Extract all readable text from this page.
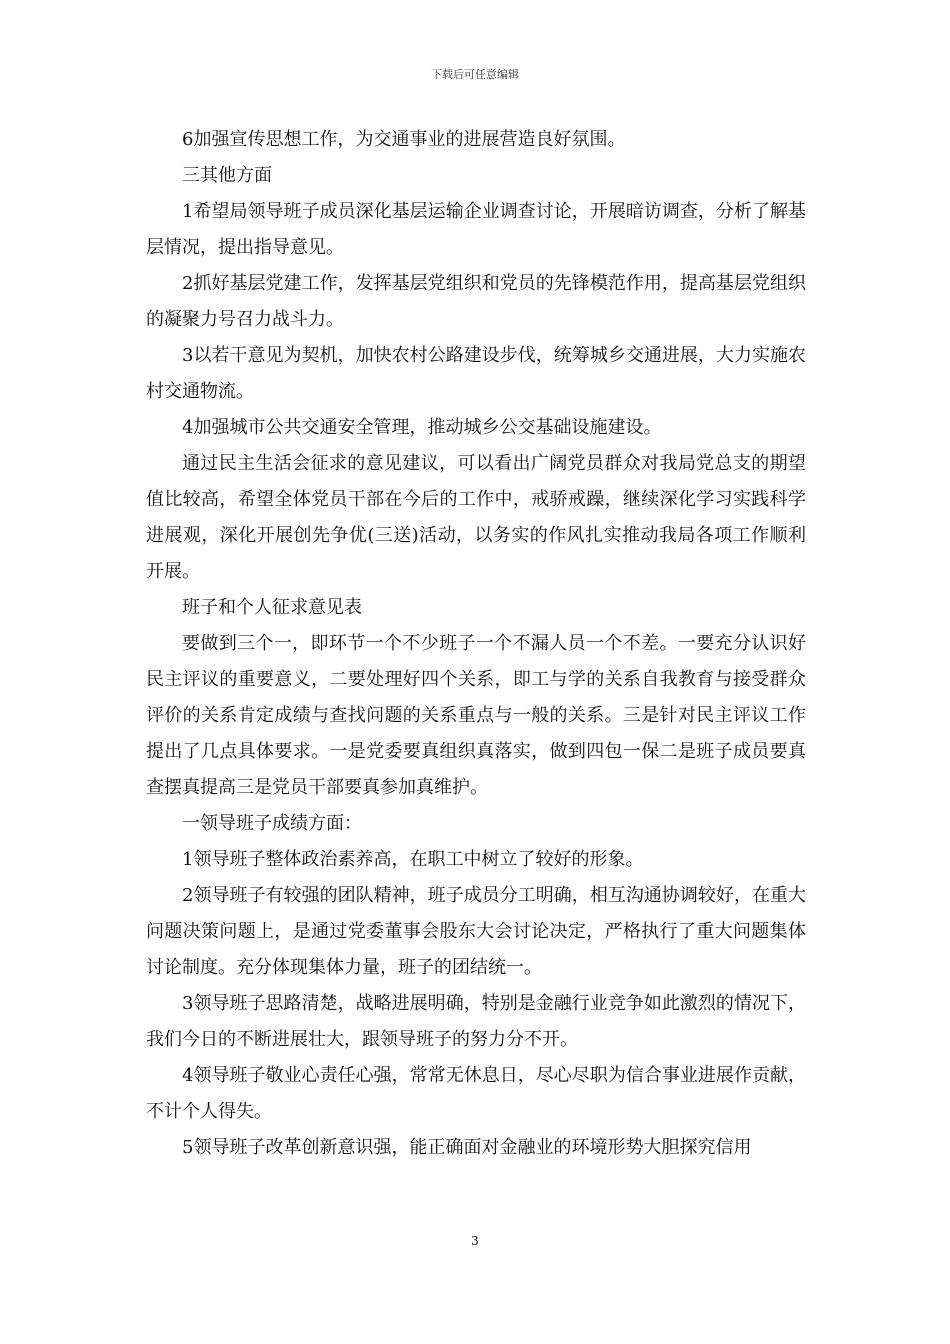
下载后可任意编辑

6加强宣传思想工作，为交通事业的进展营造良好氛围。

三其他方面

1希望局领导班子成员深化基层运输企业调查讨论，开展暗访调查，分析了解基层情况，提出指导意见。

2抓好基层党建工作，发挥基层党组织和党员的先锋模范作用，提高基层党组织的凝聚力号召力战斗力。

3以若干意见为契机，加快农村公路建设步伐，统筹城乡交通进展，大力实施农村交通物流。

4加强城市公共交通安全管理，推动城乡公交基础设施建设。

通过民主生活会征求的意见建议，可以看出广阔党员群众对我局党总支的期望值比较高，希望全体党员干部在今后的工作中，戒骄戒躁，继续深化学习实践科学进展观，深化开展创先争优(三送)活动，以务实的作风扎实推动我局各项工作顺利开展。

班子和个人征求意见表

要做到三个一，即环节一个不少班子一个不漏人员一个不差。一要充分认识好民主评议的重要意义，二要处理好四个关系，即工与学的关系自我教育与接受群众评价的关系肯定成绩与查找问题的关系重点与一般的关系。三是针对民主评议工作提出了几点具体要求。一是党委要真组织真落实，做到四包一保二是班子成员要真查摆真提高三是党员干部要真参加真维护。

一领导班子成绩方面：

1领导班子整体政治素养高，在职工中树立了较好的形象。

2领导班子有较强的团队精神，班子成员分工明确，相互沟通协调较好，在重大问题决策问题上，是通过党委董事会股东大会讨论决定，严格执行了重大问题集体讨论制度。充分体现集体力量，班子的团结统一。

3领导班子思路清楚，战略进展明确，特别是金融行业竞争如此激烈的情况下，我们今日的不断进展壮大，跟领导班子的努力分不开。

4领导班子敬业心责任心强，常常无休息日，尽心尽职为信合事业进展作贡献，不计个人得失。

5领导班子改革创新意识强，能正确面对金融业的环境形势大胆探究信用

3
